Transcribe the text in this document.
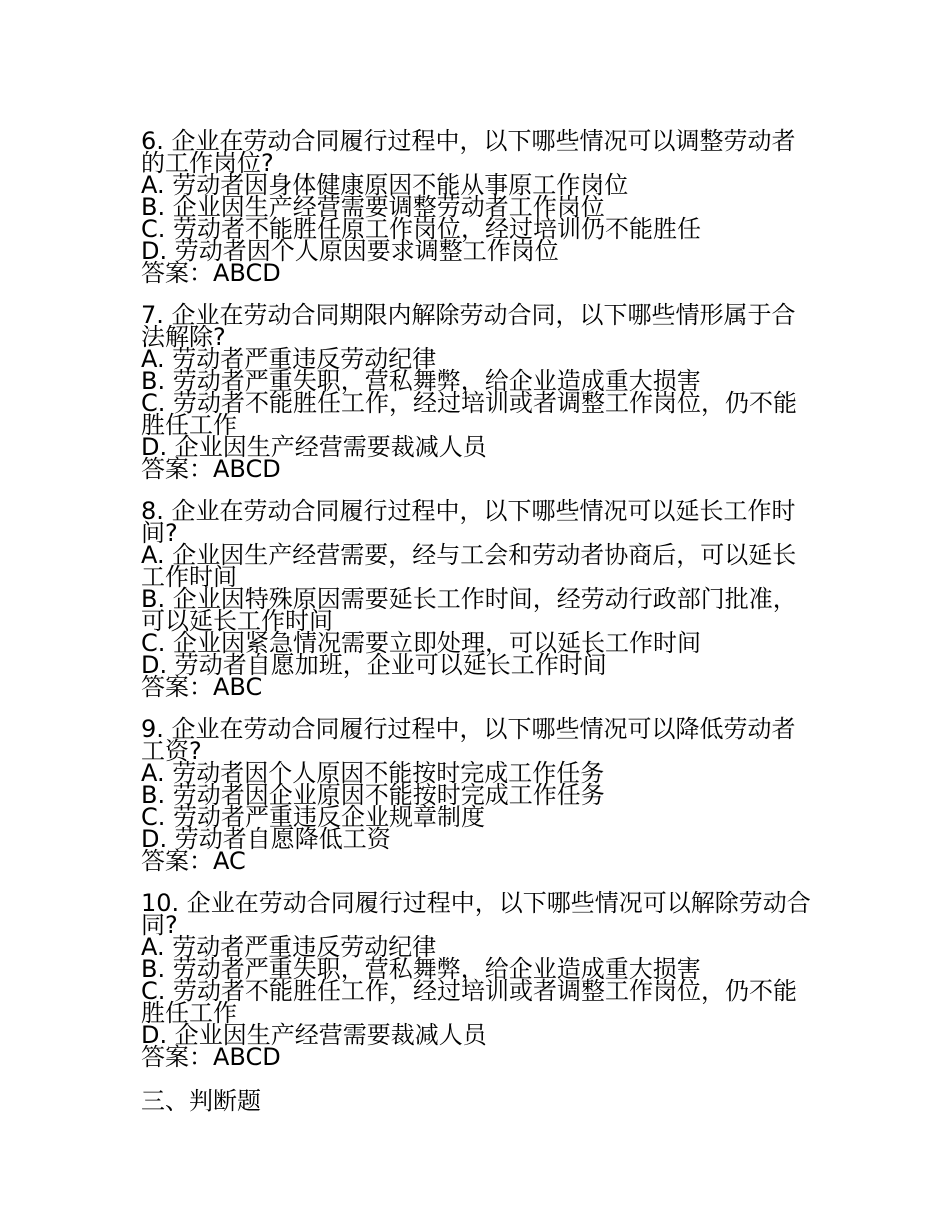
6. 企业在劳动合同履行过程中，以下哪些情况可以调整劳动者的工作岗位?
A. 劳动者因身体健康原因不能从事原工作岗位
B. 企业因生产经营需要调整劳动者工作岗位
C. 劳动者不能胜任原工作岗位，经过培训仍不能胜任
D. 劳动者因个人原因要求调整工作岗位
答案：ABCD
7. 企业在劳动合同期限内解除劳动合同，以下哪些情形属于合法解除?
A. 劳动者严重违反劳动纪律
B. 劳动者严重失职，营私舞弊，给企业造成重大损害
C. 劳动者不能胜任工作，经过培训或者调整工作岗位，仍不能胜任工作
D. 企业因生产经营需要裁减人员
答案：ABCD
8. 企业在劳动合同履行过程中，以下哪些情况可以延长工作时间?
A. 企业因生产经营需要，经与工会和劳动者协商后，可以延长工作时间
B. 企业因特殊原因需要延长工作时间，经劳动行政部门批准，可以延长工作时间
C. 企业因紧急情况需要立即处理，可以延长工作时间
D. 劳动者自愿加班，企业可以延长工作时间
答案：ABC
9. 企业在劳动合同履行过程中，以下哪些情况可以降低劳动者工资?
A. 劳动者因个人原因不能按时完成工作任务
B. 劳动者因企业原因不能按时完成工作任务
C. 劳动者严重违反企业规章制度
D. 劳动者自愿降低工资
答案：AC
10. 企业在劳动合同履行过程中，以下哪些情况可以解除劳动合同?
A. 劳动者严重违反劳动纪律
B. 劳动者严重失职，营私舞弊，给企业造成重大损害
C. 劳动者不能胜任工作，经过培训或者调整工作岗位，仍不能胜任工作
D. 企业因生产经营需要裁减人员
答案：ABCD
三、判断题
